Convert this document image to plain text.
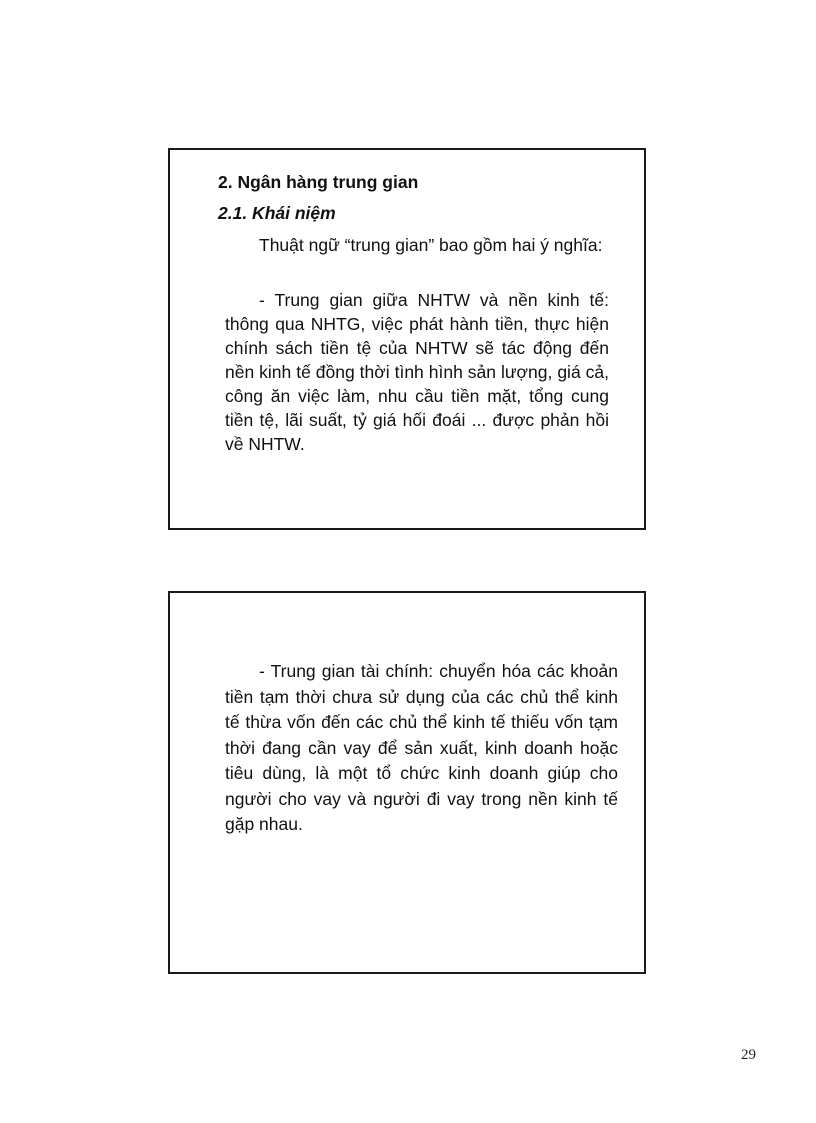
2. Ngân hàng trung gian
2.1. Khái niệm

Thuật ngữ “trung gian” bao gồm hai ý nghĩa:

- Trung gian giữa NHTW và nền kinh tế: thông qua NHTG, việc phát hành tiền, thực hiện chính sách tiền tệ của NHTW sẽ tác động đến nền kinh tế đồng thời tình hình sản lượng, giá cả, công ăn việc làm, nhu cầu tiền mặt, tổng cung tiền tệ, lãi suất, tỷ giá hối đoái ... được phản hồi về NHTW.

- Trung gian tài chính: chuyển hóa các khoản tiền tạm thời chưa sử dụng của các chủ thể kinh tế thừa vốn đến các chủ thể kinh tế thiếu vốn tạm thời đang cần vay để sản xuất, kinh doanh hoặc tiêu dùng, là một tổ chức kinh doanh giúp cho người cho vay và người đi vay trong nền kinh tế gặp nhau.

29
